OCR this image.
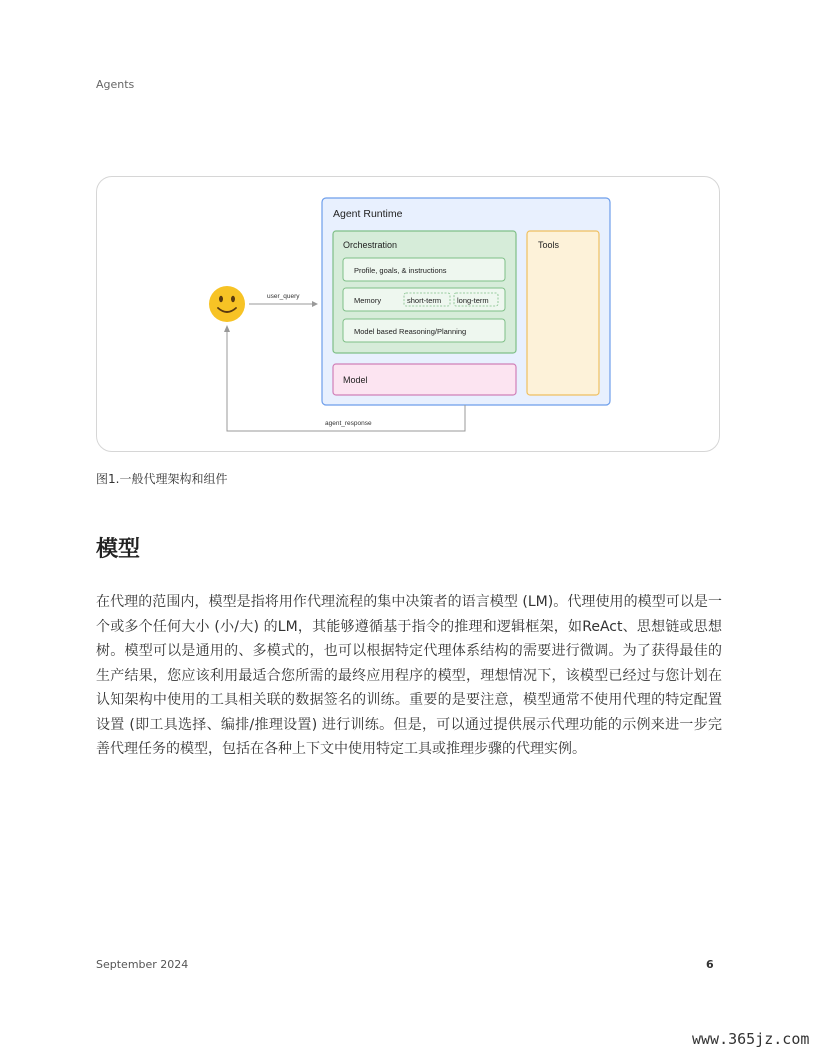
Agents
Agent Runtime
Orchestration
Profile, goals, & instructions
Memory	short-term long-term
Model based Reasoning/Planning
Model
Tools
user_query
agent_response
图1.一般代理架构和组件
模型

在代理的范围内，模型是指将用作代理流程的集中决策者的语言模型 (LM)。代理使用的模型可以是一个或多个任何大小 (小/大) 的LM，其能够遵循基于指令的推理和逻辑框架，如ReAct、思想链或思想树。模型可以是通用的、多模式的，也可以根据特定代理体系结构的需要进行微调。为了获得最佳的生产结果，您应该利用最适合您所需的最终应用程序的模型，理想情况下，该模型已经过与您计划在认知架构中使用的工具相关联的数据签名的训练。重要的是要注意，模型通常不使用代理的特定配置设置 (即工具选择、编排/推理设置) 进行训练。但是，可以通过提供展示代理功能的示例来进一步完善代理任务的模型，包括在各种上下文中使用特定工具或推理步骤的代理实例。

September 2024	6
www.365jz.com
